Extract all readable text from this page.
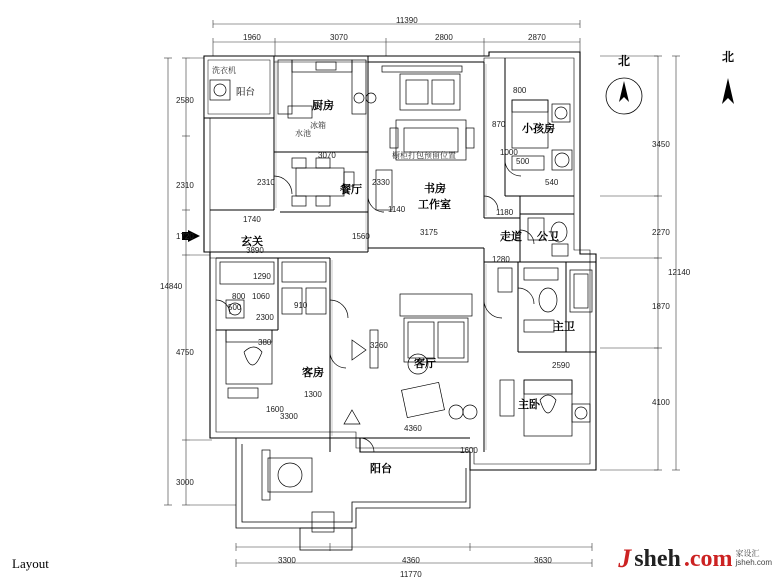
阳台
厨房
餐厅
玄关
书房
工作室
小孩房
走道 公卫
主卫
客房
客厅
主卧
阳台
洗衣机
冰箱
水池
3070
2310	2330
1740
3890
橱柜打包预留位置
3175
1140	1180
1560
800
870
1000
500
540
1280
2590
1290
1060
800
500
2300
380
910
1300
1600
3300
3260
4360
1600
11390
1960	3070	2800	2870
3300	4360	3630
11770
2580
2310
1720
4750
3000
14840
3450
2270
1870
4100
12140
北	北
Layout	J sheh .com 家设汇
jsheh.com
